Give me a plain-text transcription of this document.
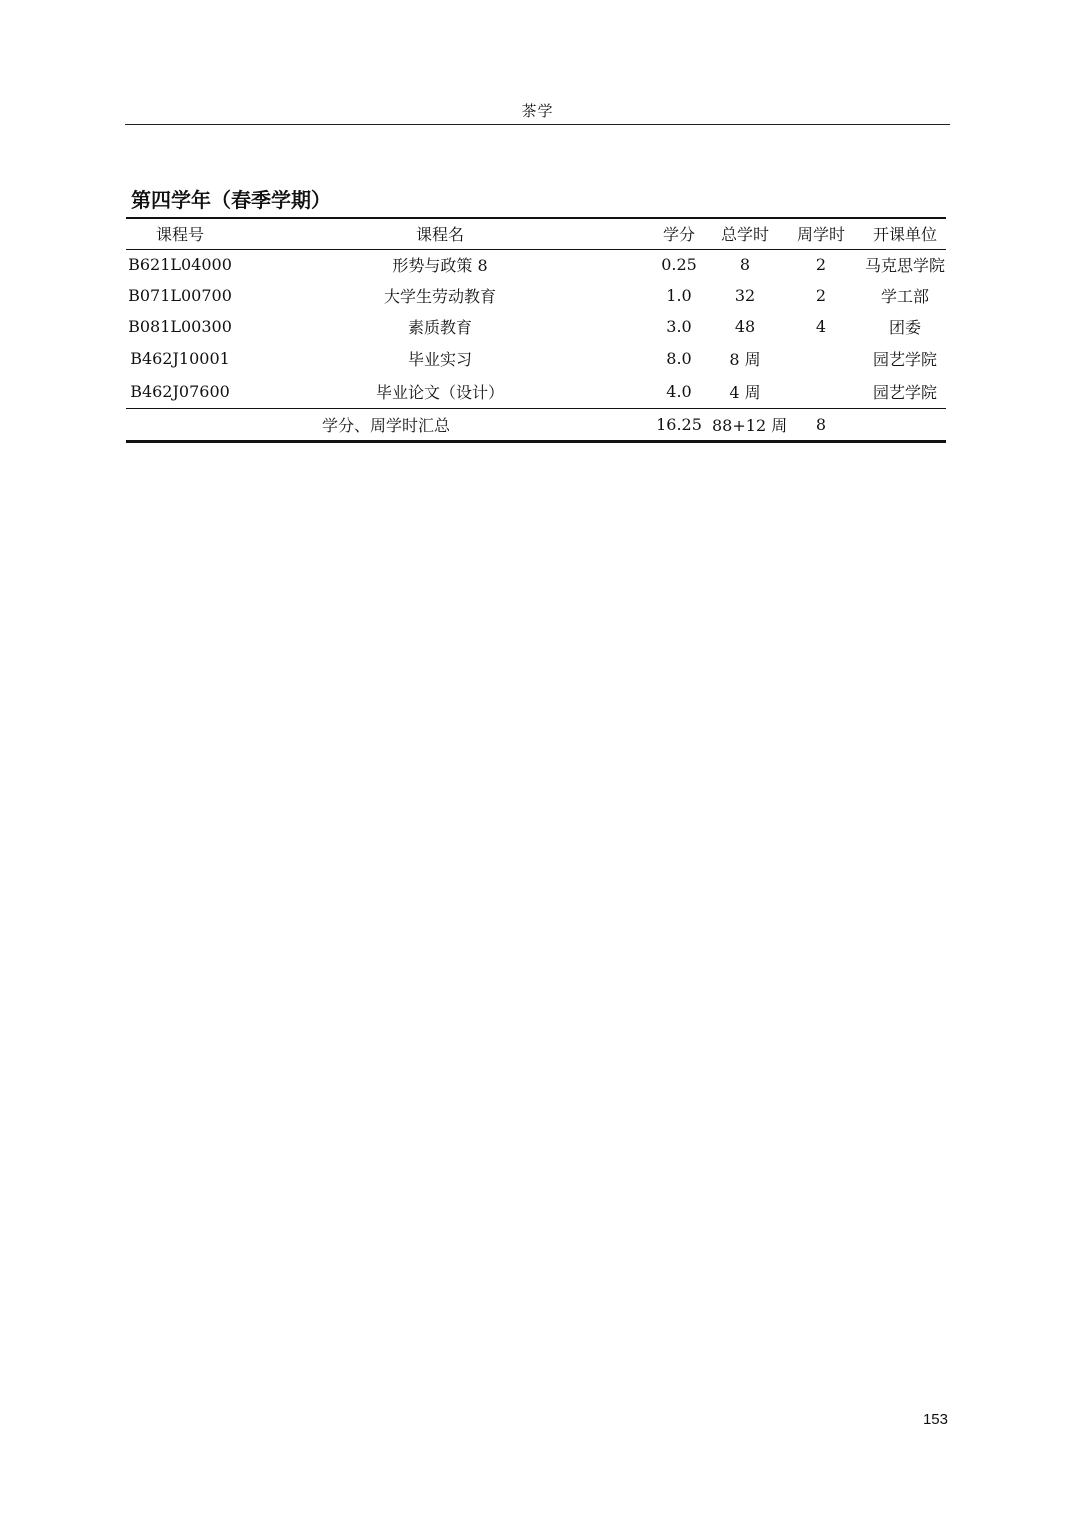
茶学
第四学年（春季学期）
课程号	课程名	学分	总学时	周学时	开课单位
B621L04000	形势与政策 8	0.25	8	2	马克思学院
B071L00700	大学生劳动教育	1.0	32	2	学工部
B081L00300	素质教育	3.0	48	4	团委
B462J10001	毕业实习	8.0	8 周		园艺学院
B462J07600	毕业论文（设计）	4.0	4 周		园艺学院
学分、周学时汇总		16.25	88+12 周	8	
153
